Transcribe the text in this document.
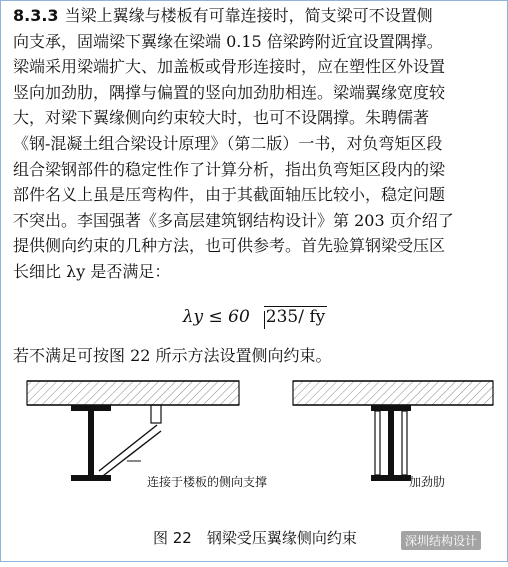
8.3.3 当梁上翼缘与楼板有可靠连接时，简支梁可不设置侧
向支承，固端梁下翼缘在梁端 0.15 倍梁跨附近宜设置隅撑。
梁端采用梁端扩大、加盖板或骨形连接时，应在塑性区外设置
竖向加劲肋，隅撑与偏置的竖向加劲肋相连。梁端翼缘宽度较
大，对梁下翼缘侧向约束较大时，也可不设隅撑。朱聘儒著
《钢-混凝土组合梁设计原理》（第二版）一书，对负弯矩区段
组合梁钢部件的稳定性作了计算分析，指出负弯矩区段内的梁
部件名义上虽是压弯构件，由于其截面轴压比较小，稳定问题
不突出。李国强著《多高层建筑钢结构设计》第 203 页介绍了
提供侧向约束的几种方法，也可供参考。首先验算钢梁受压区
长细比 λy 是否满足：
λy ≤ 60 235/ fy
若不满足可按图 22 所示方法设置侧向约束。
连接于楼板的侧向支撑	加劲肋
图 22　钢梁受压翼缘侧向约束	深圳结构设计
